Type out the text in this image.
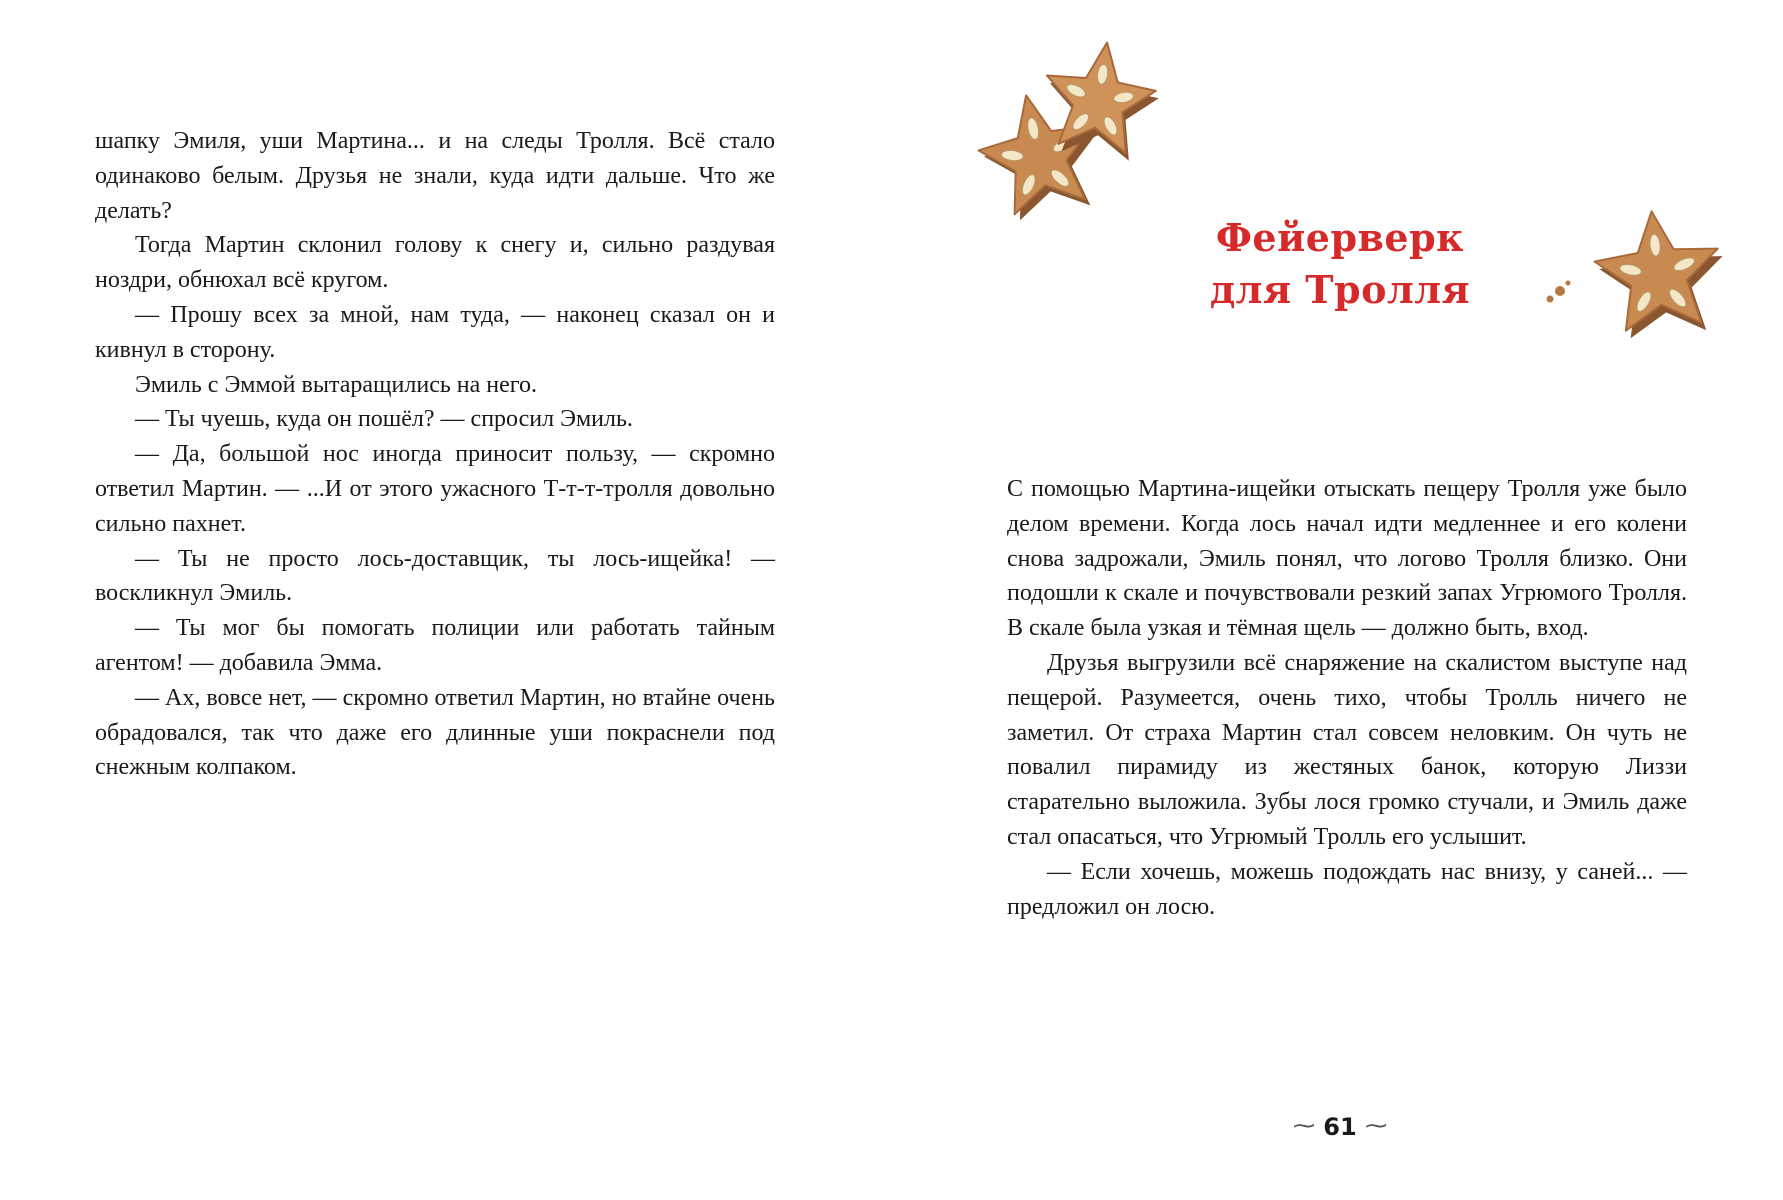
шапку Эмиля, уши Мартина... и на следы Тролля. Всё стало одинаково белым. Друзья не знали, куда идти дальше. Что же делать?

Тогда Мартин склонил голову к снегу и, сильно раздувая ноздри, обнюхал всё кругом.

— Прошу всех за мной, нам туда, — наконец сказал он и кивнул в сторону.

Эмиль с Эммой вытаращились на него.

— Ты чуешь, куда он пошёл? — спросил Эмиль.

— Да, большой нос иногда приносит пользу, — скромно ответил Мартин. — ...И от этого ужасного Т-т-т-тролля довольно сильно пахнет.

— Ты не просто лось-доставщик, ты лось-ищейка! — воскликнул Эмиль.

— Ты мог бы помогать полиции или работать тайным агентом! — добавила Эмма.

— Ах, вовсе нет, — скромно ответил Мартин, но втайне очень обрадовался, так что даже его длинные уши покраснели под снежным колпаком.

Фейерверк
для Тролля

С помощью Мартина-ищейки отыскать пещеру Тролля уже было делом времени. Когда лось начал идти медленнее и его колени снова задрожали, Эмиль понял, что логово Тролля близко. Они подошли к скале и почувствовали резкий запах Угрюмого Тролля. В скале была узкая и тёмная щель — должно быть, вход.

Друзья выгрузили всё снаряжение на скалистом выступе над пещерой. Разумеется, очень тихо, чтобы Тролль ничего не заметил. От страха Мартин стал совсем неловким. Он чуть не повалил пирамиду из жестяных банок, которую Лиззи старательно выложила. Зубы лося громко стучали, и Эмиль даже стал опасаться, что Угрюмый Тролль его услышит.

— Если хочешь, можешь подождать нас внизу, у саней... — предложил он лосю.

⁓ 61 ⁓
